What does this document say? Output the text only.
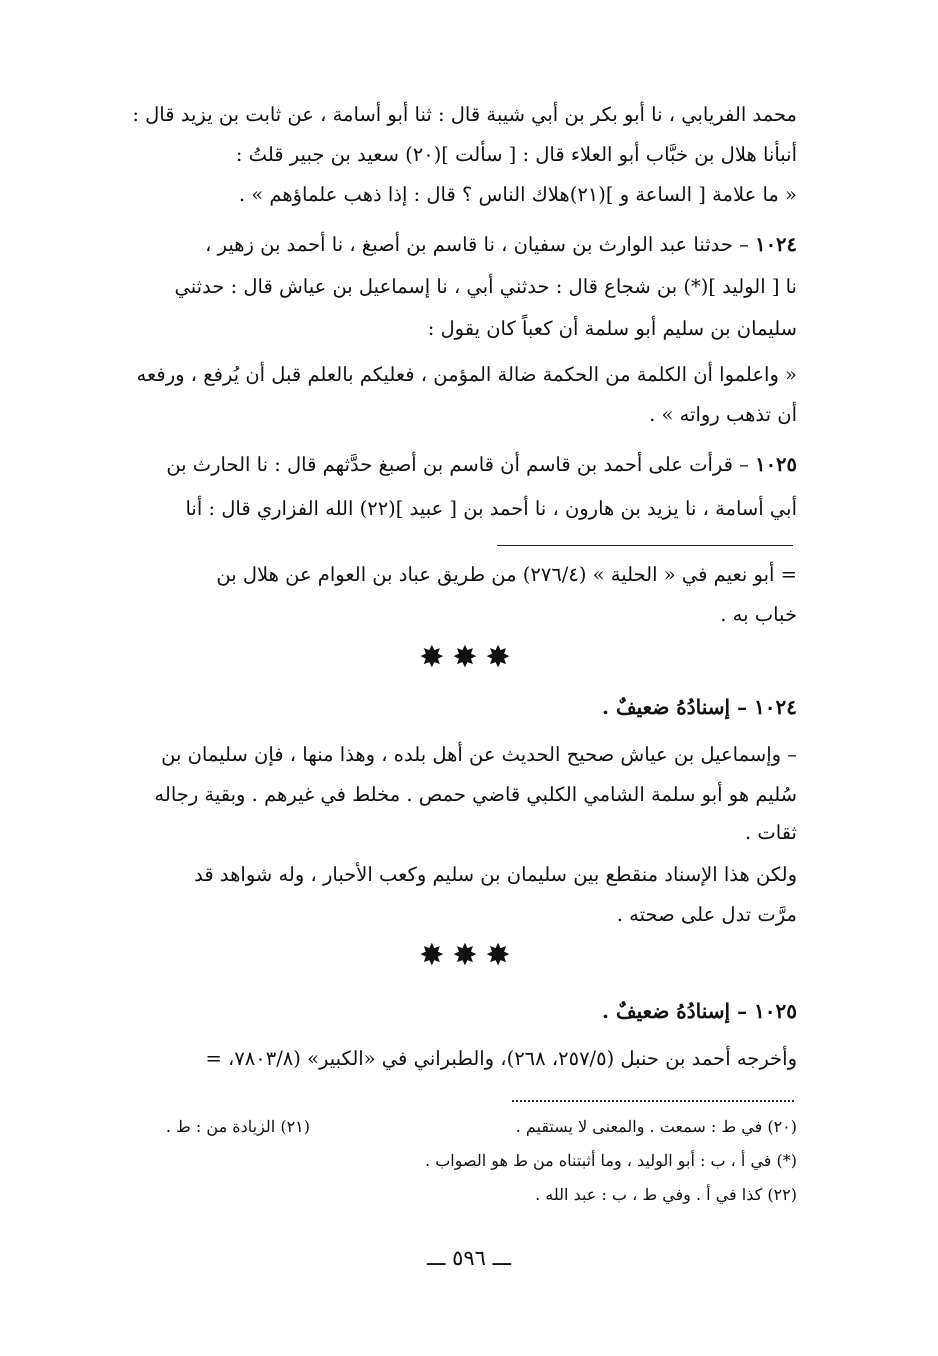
محمد الفريابي ، نا أبو بكر بن أبي شيبة قال : ثنا أبو أسامة ، عن ثابت بن يزيد قال :
أنبأنا هلال بن خبَّاب أبو العلاء قال : [ سألت ](٢٠) سعيد بن جبير قلتُ :
« ما علامة [ الساعة و ](٢١)هلاك الناس ؟ قال : إذا ذهب علماؤهم » .
١٠٢٤ – حدثنا عبد الوارث بن سفيان ، نا قاسم بن أصبغ ، نا أحمد بن زهير ،
نا [ الوليد ](*) بن شجاع قال : حدثني أبي ، نا إسماعيل بن عياش قال : حدثني
سليمان بن سليم أبو سلمة أن كعباً كان يقول :
« واعلموا أن الكلمة من الحكمة ضالة المؤمن ، فعليكم بالعلم قبل أن يُرفع ، ورفعه
أن تذهب رواته » .
١٠٢٥ – قرأت على أحمد بن قاسم أن قاسم بن أصبغ حدَّثهم قال : نا الحارث بن
أبي أسامة ، نا يزيد بن هارون ، نا أحمد بن [ عبيد ](٢٢) الله الفزاري قال : أنا
= أبو نعيم في « الحلية » (٢٧٦/٤) من طريق عباد بن العوام عن هلال بن
خباب به .
✸✸✸
١٠٢٤ – إسنادُهُ ضعيفٌ .
– وإسماعيل بن عياش صحيح الحديث عن أهل بلده ، وهذا منها ، فإن سليمان بن
سُليم هو أبو سلمة الشامي الكلبي قاضي حمص . مخلط في غيرهم . وبقية رجاله
ثقات .
ولكن هذا الإسناد منقطع بين سليمان بن سليم وكعب الأحبار ، وله شواهد قد
مرَّت تدل على صحته .
✸✸✸
١٠٢٥ – إسنادُهُ ضعيفٌ .
وأخرجه أحمد بن حنبل (٢٥٧/٥، ٢٦٨)، والطبراني في «الكبير» (٧٨٠٣/٨، =
(٢٠) في ط : سمعت . والمعنى لا يستقيم .
(٢١) الزيادة من : ط .
(*) في أ ، ب : أبو الوليد ، وما أثبتناه من ط هو الصواب .
(٢٢) كذا في أ . وفي ط ، ب : عبد الله .
ـــ ٥٩٦ ـــ
